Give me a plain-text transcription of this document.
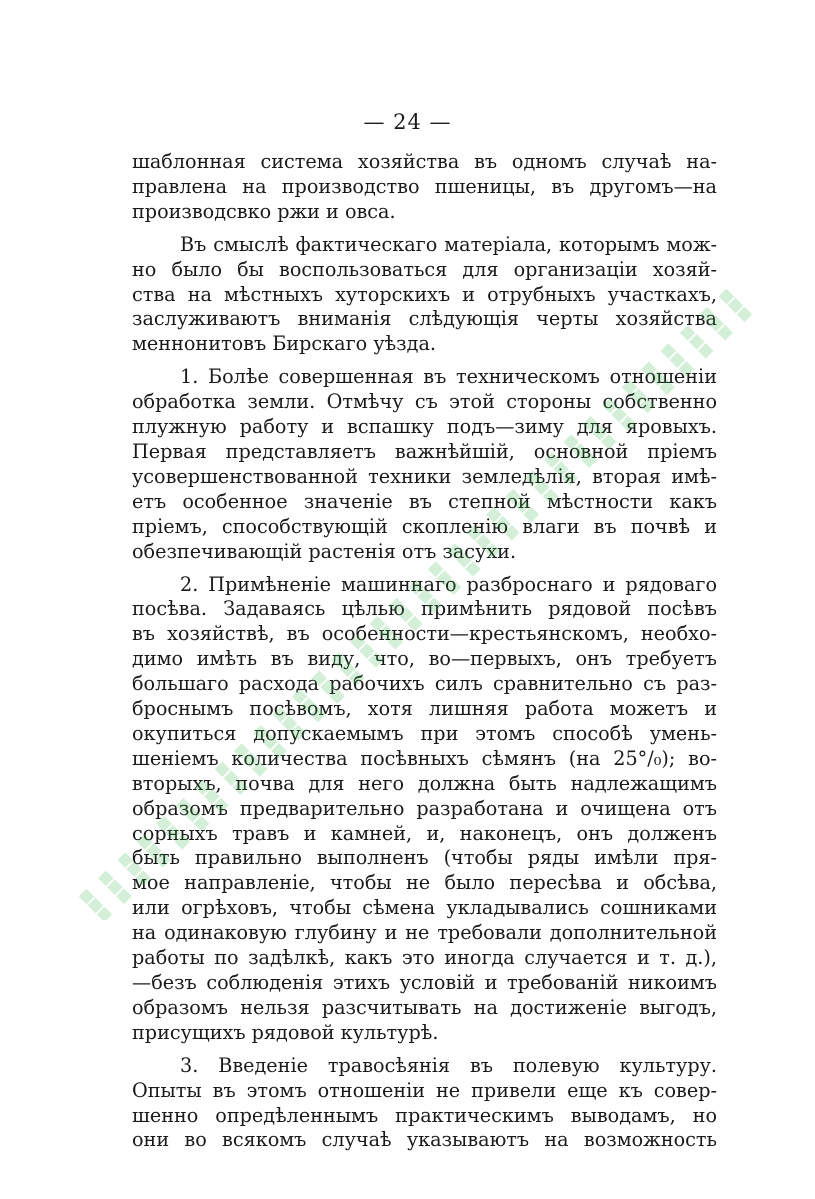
— 24 —

шаблонная система хозяйства въ одномъ случаѣ на-
правлена на производство пшеницы, въ другомъ—на
производсвко ржи и овса.

Въ смыслѣ фактическаго матеріала, которымъ мож-
но было бы воспользоваться для организаціи хозяй-
ства на мѣстныхъ хуторскихъ и отрубныхъ участкахъ,
заслуживаютъ вниманія слѣдующія черты хозяйства
меннонитовъ Бирскаго уѣзда.

1. Болѣе совершенная въ техническомъ отношеніи
обработка земли. Отмѣчу съ этой стороны собственно
плужную работу и вспашку подъ—зиму для яровыхъ.
Первая представляетъ важнѣйшій, основной пріемъ
усовершенствованной техники земледѣлія, вторая имѣ-
етъ особенное значеніе въ степной мѣстности какъ
пріемъ, способствующій скопленію влаги въ почвѣ и
обезпечивающій растенія отъ засухи.

2. Примѣненіе машиннаго разброснаго и рядоваго
посѣва. Задаваясь цѣлью примѣнить рядовой посѣвъ
въ хозяйствѣ, въ особенности—крестьянскомъ, необхо-
димо имѣть въ виду, что, во—первыхъ, онъ требуетъ
большаго расхода рабочихъ силъ сравнительно съ раз-
броснымъ посѣвомъ, хотя лишняя работа можетъ и
окупиться допускаемымъ при этомъ способѣ умень-
шеніемъ количества посѣвныхъ сѣмянъ (на 25°/₀); во-
вторыхъ, почва для него должна быть надлежащимъ
образомъ предварительно разработана и очищена отъ
сорныхъ травъ и камней, и, наконецъ, онъ долженъ
быть правильно выполненъ (чтобы ряды имѣли пря-
мое направленіе, чтобы не было пересѣва и обсѣва,
или огрѣховъ, чтобы сѣмена укладывались сошниками
на одинаковую глубину и не требовали дополнительной
работы по задѣлкѣ, какъ это иногда случается и т. д.),
—безъ соблюденія этихъ условій и требованій никоимъ
образомъ нельзя разсчитывать на достиженіе выгодъ,
присущихъ рядовой культурѣ.

3. Введеніе травосѣянія въ полевую культуру.
Опыты въ этомъ отношеніи не привели еще къ совер-
шенно опредѣленнымъ практическимъ выводамъ, но
они во всякомъ случаѣ указываютъ на возможность
